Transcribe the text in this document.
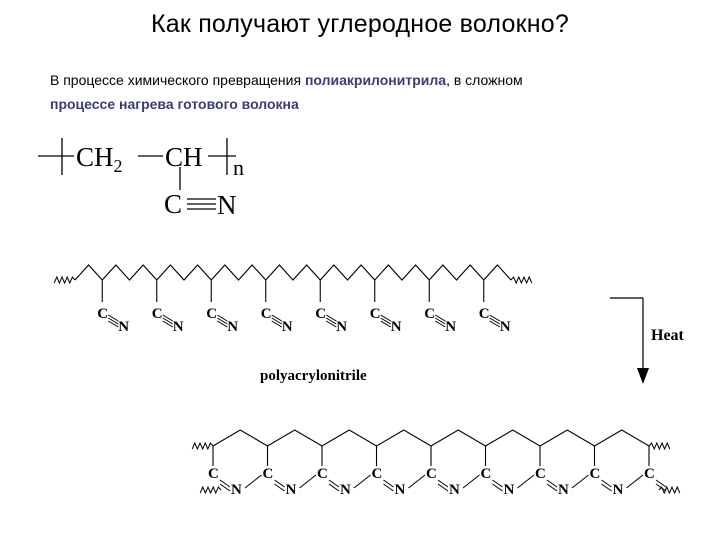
Как получают углеродное волокно?
В процессе химического превращения полиакрилонитрила, в сложном
процессе нагрева готового волокна
$CH_2$ CH n
C N
C
N
C
N
C
N
C
N
C
N
C
N
C
N
C
N
polyacrylonitrile
Heat
C
N
C
N
C
N
C
N
C
N
C
N
C
N
C
N
C
